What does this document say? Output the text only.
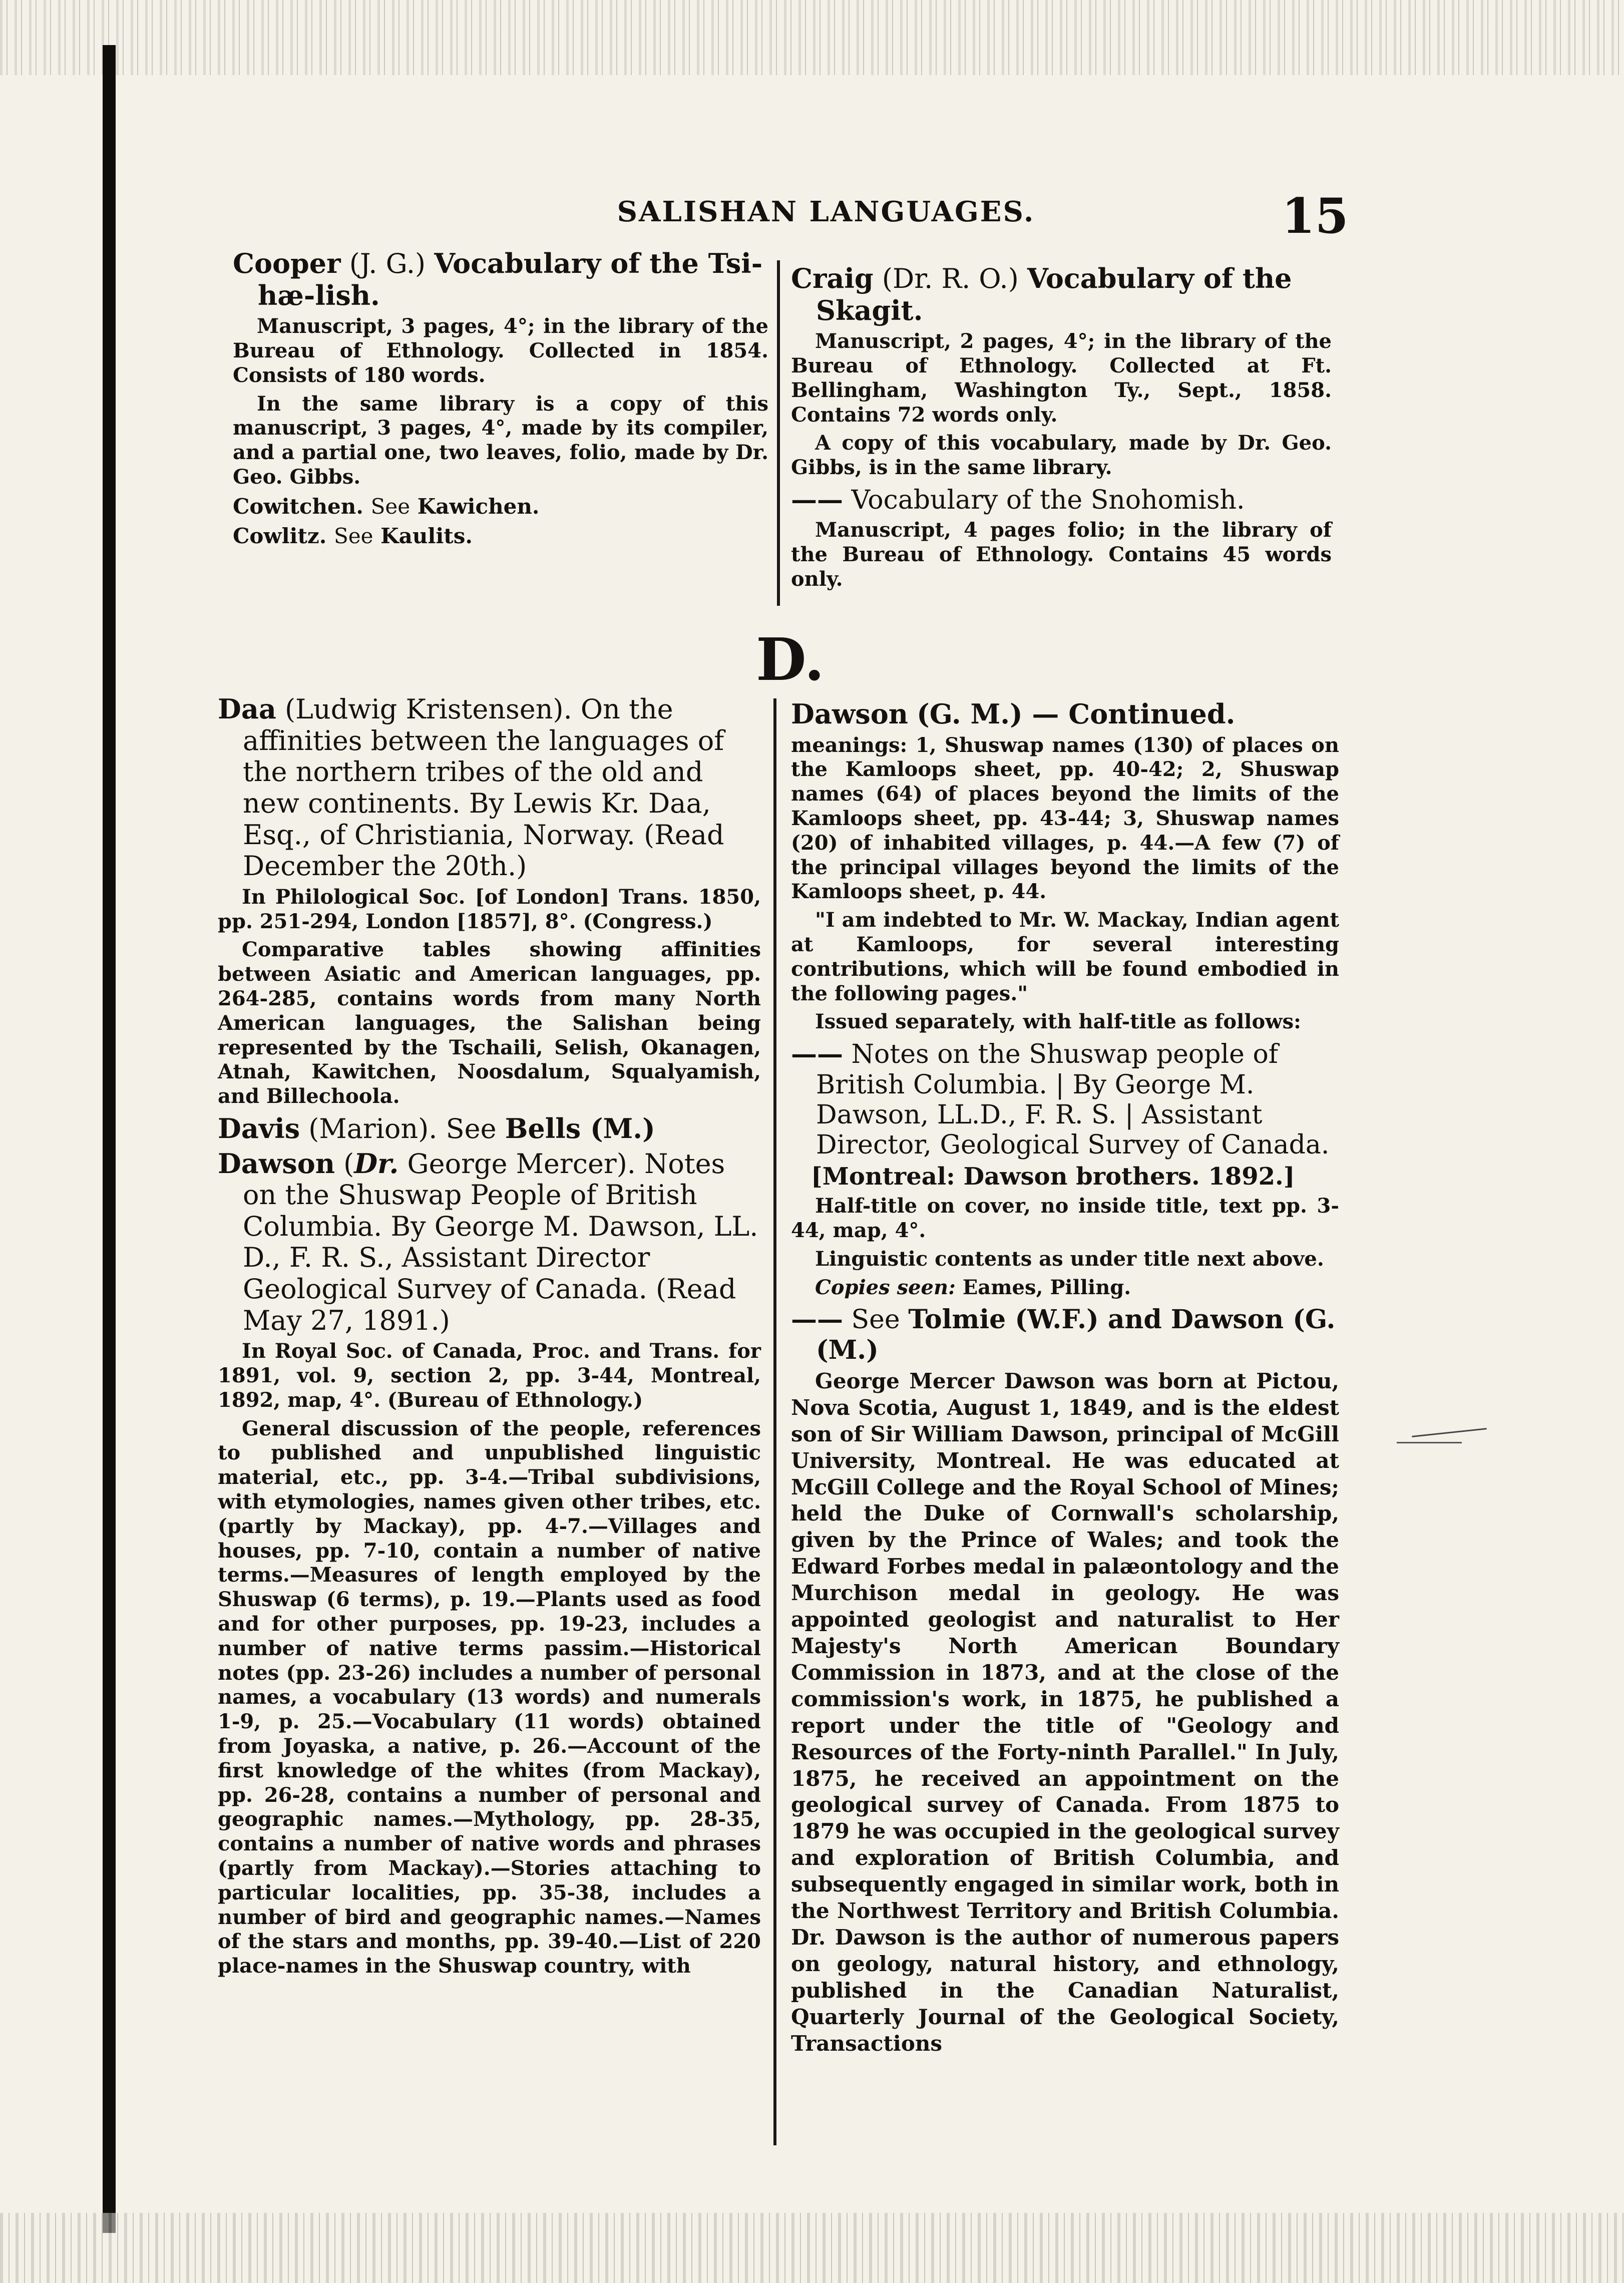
SALISHAN LANGUAGES.	15
Cooper (J. G.) Vocabulary of the Tsi-hæ-lish.

Manuscript, 3 pages, 4°; in the library of the Bureau of Ethnology. Collected in 1854. Consists of 180 words.

In the same library is a copy of this manuscript, 3 pages, 4°, made by its compiler, and a partial one, two leaves, folio, made by Dr. Geo. Gibbs.

Cowitchen. See Kawichen.
Cowlitz. See Kaulits.
Craig (Dr. R. O.) Vocabulary of the Skagit.

Manuscript, 2 pages, 4°; in the library of the Bureau of Ethnology. Collected at Ft. Bellingham, Washington Ty., Sept., 1858. Contains 72 words only.

A copy of this vocabulary, made by Dr. Geo. Gibbs, is in the same library.

—— Vocabulary of the Snohomish.

Manuscript, 4 pages folio; in the library of the Bureau of Ethnology. Contains 45 words only.

D.
Daa (Ludwig Kristensen). On the affinities between the languages of the northern tribes of the old and new continents. By Lewis Kr. Daa, Esq., of Christiania, Norway. (Read December the 20th.)

In Philological Soc. [of London] Trans. 1850, pp. 251-294, London [1857], 8°. (Congress.)

Comparative tables showing affinities between Asiatic and American languages, pp. 264-285, contains words from many North American languages, the Salishan being represented by the Tschaili, Selish, Okanagen, Atnah, Kawitchen, Noosdalum, Squalyamish, and Billechoola.

Davis (Marion). See Bells (M.)
Dawson (Dr. George Mercer). Notes on the Shuswap People of British Columbia. By George M. Dawson, LL. D., F. R. S., Assistant Director Geological Survey of Canada. (Read May 27, 1891.)

In Royal Soc. of Canada, Proc. and Trans. for 1891, vol. 9, section 2, pp. 3-44, Montreal, 1892, map, 4°. (Bureau of Ethnology.)

General discussion of the people, references to published and unpublished linguistic material, etc., pp. 3-4.—Tribal subdivisions, with etymologies, names given other tribes, etc. (partly by Mackay), pp. 4-7.—Villages and houses, pp. 7-10, contain a number of native terms.—Measures of length employed by the Shuswap (6 terms), p. 19.—Plants used as food and for other purposes, pp. 19-23, includes a number of native terms passim.—Historical notes (pp. 23-26) includes a number of personal names, a vocabulary (13 words) and numerals 1-9, p. 25.—Vocabulary (11 words) obtained from Joyaska, a native, p. 26.—Account of the first knowledge of the whites (from Mackay), pp. 26-28, contains a number of personal and geographic names.—Mythology, pp. 28-35, contains a number of native words and phrases (partly from Mackay).—Stories attaching to particular localities, pp. 35-38, includes a number of bird and geographic names.—Names of the stars and months, pp. 39-40.—List of 220 place-names in the Shuswap country, with

Dawson (G. M.) — Continued.

meanings: 1, Shuswap names (130) of places on the Kamloops sheet, pp. 40-42; 2, Shuswap names (64) of places beyond the limits of the Kamloops sheet, pp. 43-44; 3, Shuswap names (20) of inhabited villages, p. 44.—A few (7) of the principal villages beyond the limits of the Kamloops sheet, p. 44.

"I am indebted to Mr. W. Mackay, Indian agent at Kamloops, for several interesting contributions, which will be found embodied in the following pages."

Issued separately, with half-title as follows:

—— Notes on the Shuswap people of British Columbia. | By George M. Dawson, LL.D., F. R. S. | Assistant Director, Geological Survey of Canada.
[Montreal: Dawson brothers. 1892.]

Half-title on cover, no inside title, text pp. 3-44, map, 4°.

Linguistic contents as under title next above.

Copies seen: Eames, Pilling.

—— See Tolmie (W.F.) and Dawson (G. (M.)

George Mercer Dawson was born at Pictou, Nova Scotia, August 1, 1849, and is the eldest son of Sir William Dawson, principal of McGill University, Montreal. He was educated at McGill College and the Royal School of Mines; held the Duke of Cornwall's scholarship, given by the Prince of Wales; and took the Edward Forbes medal in palæontology and the Murchison medal in geology. He was appointed geologist and naturalist to Her Majesty's North American Boundary Commission in 1873, and at the close of the commission's work, in 1875, he published a report under the title of "Geology and Resources of the Forty-ninth Parallel." In July, 1875, he received an appointment on the geological survey of Canada. From 1875 to 1879 he was occupied in the geological survey and exploration of British Columbia, and subsequently engaged in similar work, both in the Northwest Territory and British Columbia. Dr. Dawson is the author of numerous papers on geology, natural history, and ethnology, published in the Canadian Naturalist, Quarterly Journal of the Geological Society, Transactions
